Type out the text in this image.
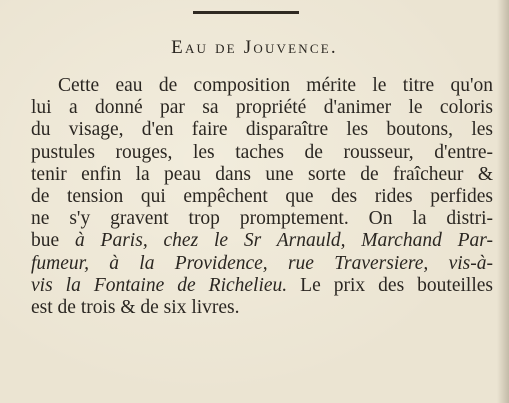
Eau de Jouvence.
Cette eau de composition mérite le titre qu'on
lui a donné par sa propriété d'animer le coloris
du visage, d'en faire disparaître les boutons, les
pustules rouges, les taches de rousseur, d'entre-
tenir enfin la peau dans une sorte de fraîcheur &
de tension qui empêchent que des rides perfides
ne s'y gravent trop promptement. On la distri-
bue à Paris, chez le Sr Arnauld, Marchand Par-
fumeur, à la Providence, rue Traversiere, vis-à-
vis la Fontaine de Richelieu. Le prix des bouteilles
est de trois & de six livres.
